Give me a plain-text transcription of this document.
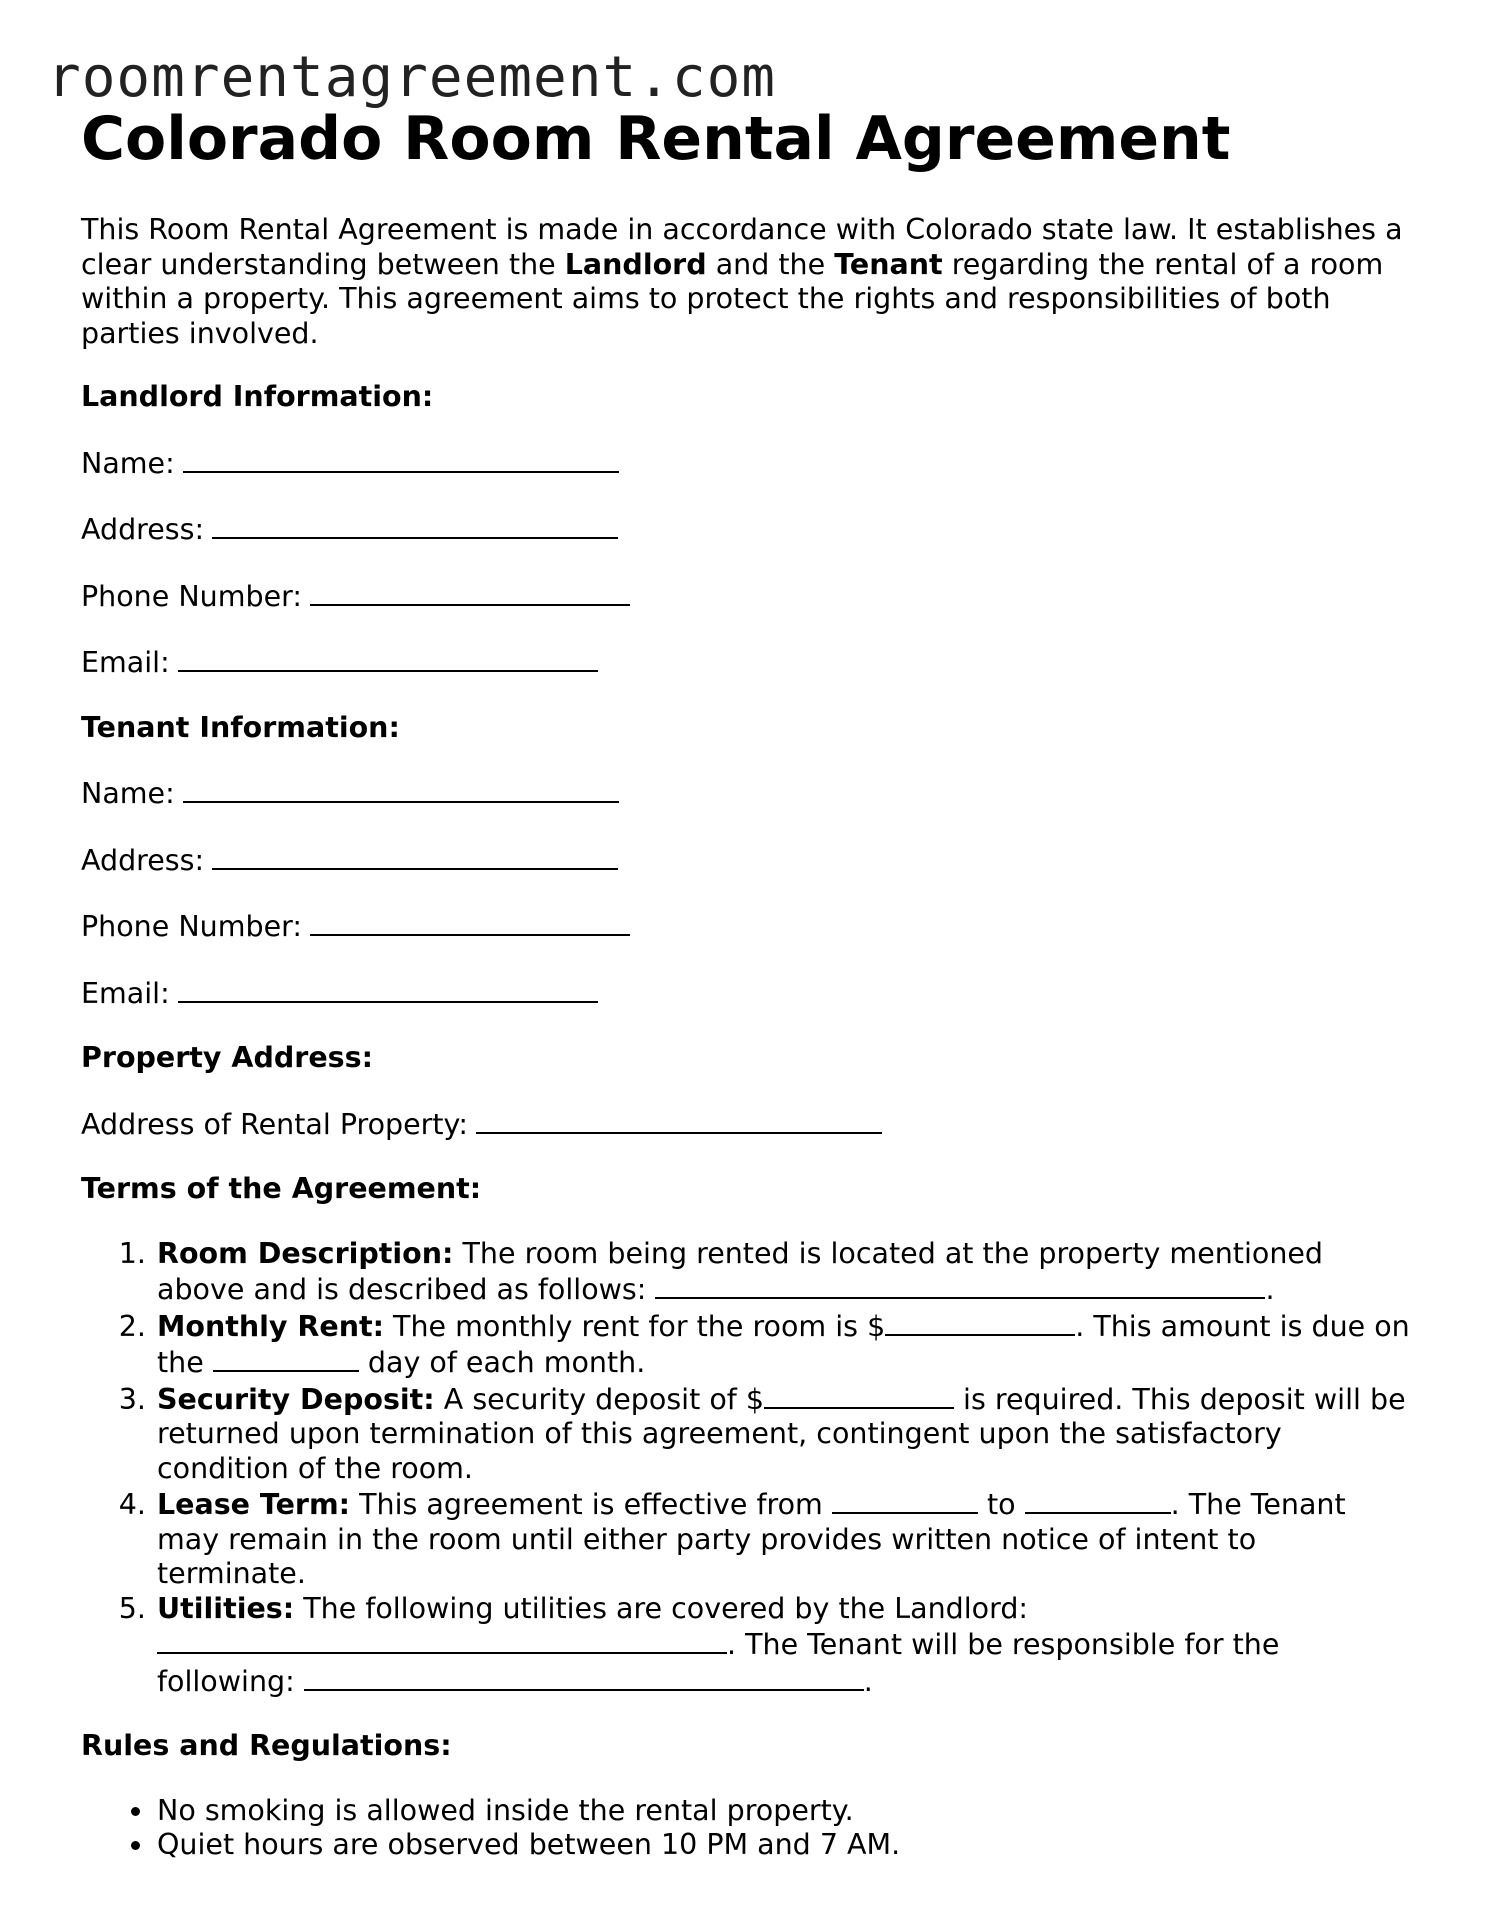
roomrentagreement.com
Colorado Room Rental Agreement

This Room Rental Agreement is made in accordance with Colorado state law. It establishes a clear understanding between the Landlord and the Tenant regarding the rental of a room within a property. This agreement aims to protect the rights and responsibilities of both parties involved.

Landlord Information:

Name:

Address:

Phone Number:

Email:

Tenant Information:

Name:

Address:

Phone Number:

Email:

Property Address:

Address of Rental Property:

Terms of the Agreement:

1. Room Description: The room being rented is located at the property mentioned above and is described as follows:	.
2. Monthly Rent: The monthly rent for the room is $	. This amount is due on the	day of each month.
3. Security Deposit: A security deposit of $	is required. This deposit will be returned upon termination of this agreement, contingent upon the satisfactory condition of the room.
4. Lease Term: This agreement is effective from	to	. The Tenant may remain in the room until either party provides written notice of intent to terminate.
5. Utilities: The following utilities are covered by the Landlord: . The Tenant will be responsible for the following:	.

Rules and Regulations:

• No smoking is allowed inside the rental property.
• Quiet hours are observed between 10 PM and 7 AM.
